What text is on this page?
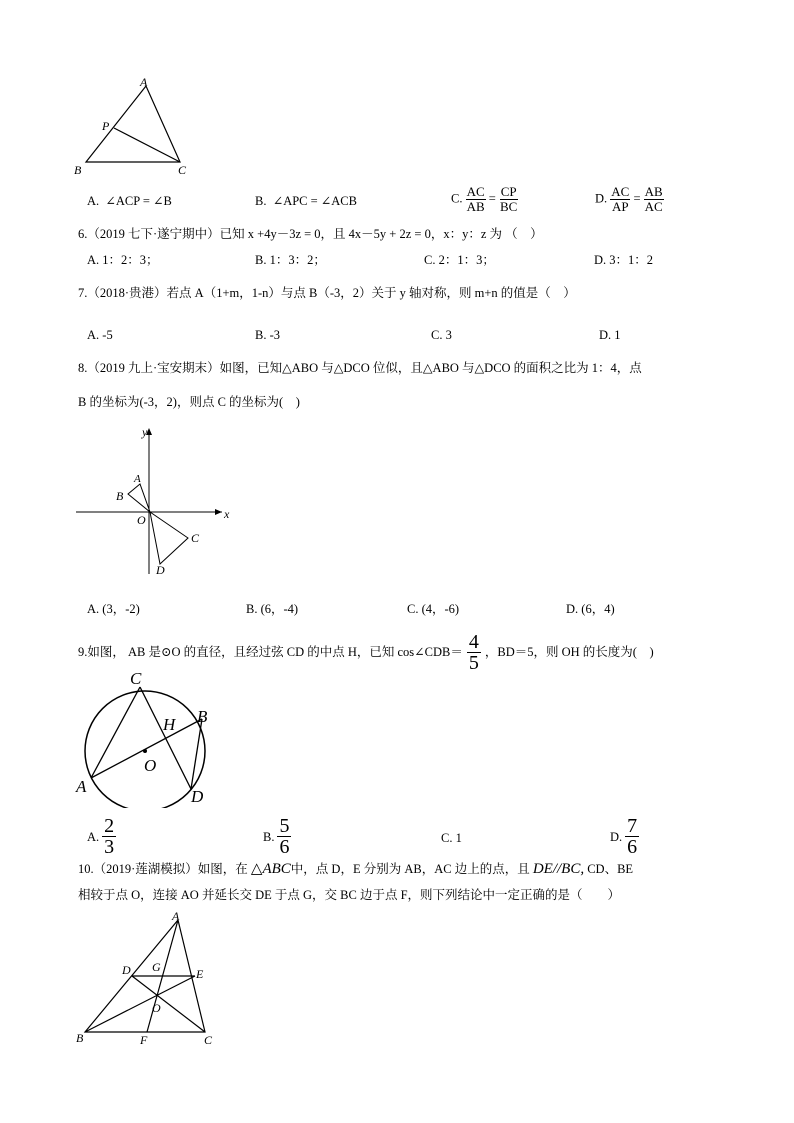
A
P
B	C
A. ∠ACP = ∠B	B. ∠APC = ∠ACB	C. $\frac{AC}{AB} = \frac{CP}{BC}$	D. $\frac{AC}{AP} = \frac{AB}{AC}$
6.（2019 七下·遂宁期中）已知 x +4y－3z = 0，且 4x－5y + 2z = 0，x：y：z 为 （　）
A. 1：2：3；	B. 1：3：2；	C. 2：1：3；	D. 3：1：2
7.（2018·贵港）若点 A（1+m，1-n）与点 B（-3，2）关于 y 轴对称，则 m+n 的值是（　）
A. -5	B. -3	C. 3	D. 1
8.（2019 九上·宝安期末）如图，已知△ABO 与△DCO 位似，且△ABO 与△DCO 的面积之比为 1：4，点
B 的坐标为(-3，2)，则点 C 的坐标为(　)
y
x
A
B
O
C
D
A. (3，-2)	B. (6，-4)	C. (4，-6)	D. (6，4)
9.如图， AB 是⊙O 的直径，且经过弦 CD 的中点 H，已知 cos∠CDB＝ $\frac{4}{5}$ ，BD＝5，则 OH 的长度为(　)
C
B
H
O
A
D
A. $\frac{2}{3}$	B. $\frac{5}{6}$	C. 1	D. $\frac{7}{6}$
10.（2019·莲湖模拟）如图，在 △ABC中，点 D，E 分别为 AB，AC 边上的点，且 DE//BC, CD、BE
相较于点 O，连接 AO 并延长交 DE 于点 G，交 BC 边于点 F，则下列结论中一定正确的是（　　）
A
D G	E
O
B	F	C
